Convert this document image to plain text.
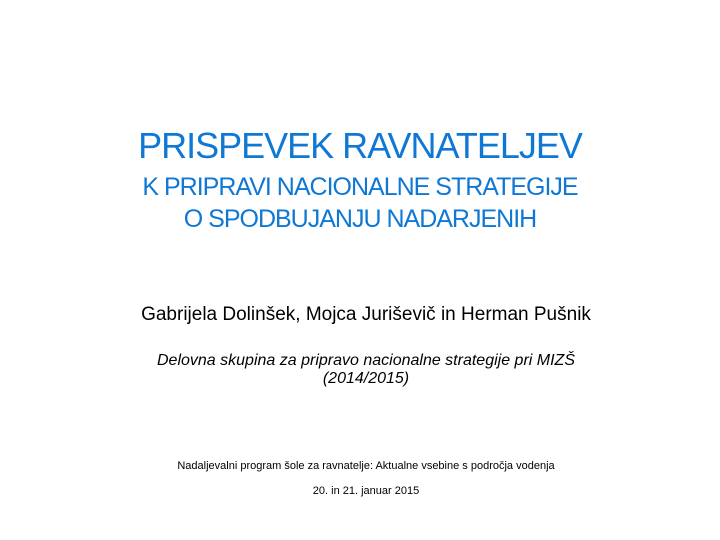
PRISPEVEK RAVNATELJEV
K PRIPRAVI NACIONALNE STRATEGIJE
O SPODBUJANJU NADARJENIH
Gabrijela Dolinšek, Mojca Juriševič in Herman Pušnik
Delovna skupina za pripravo nacionalne strategije pri MIZŠ
(2014/2015)
Nadaljevalni program šole za ravnatelje: Aktualne vsebine s področja vodenja
20. in 21. januar 2015
